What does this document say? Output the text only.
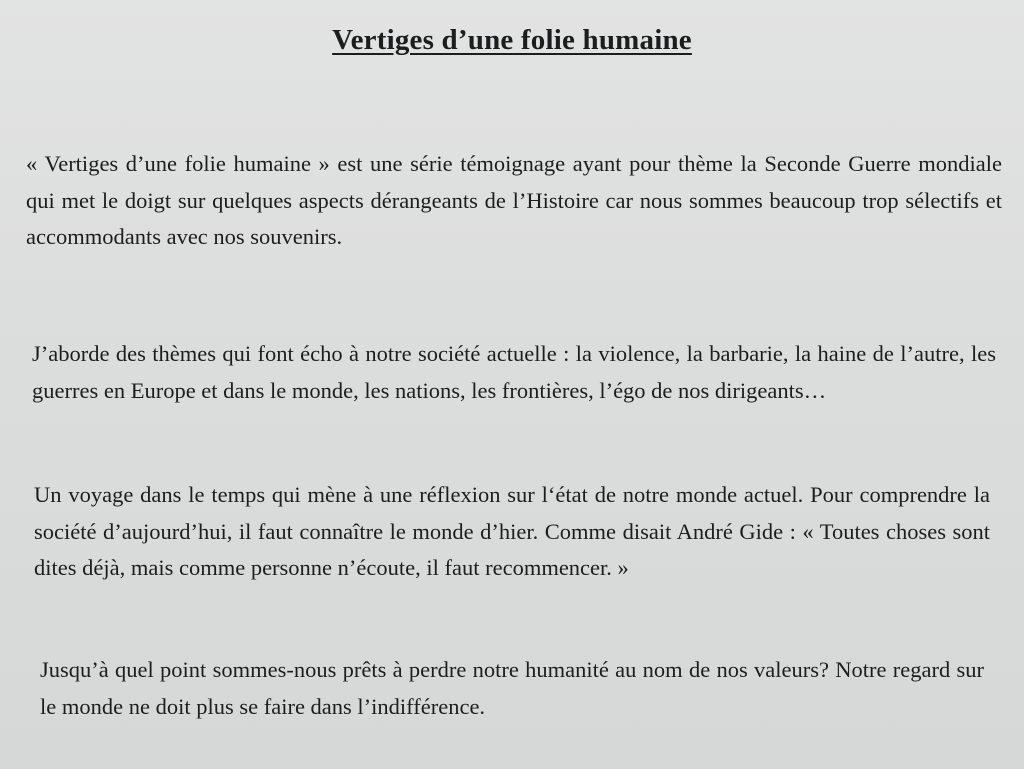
Vertiges d’une folie humaine

« Vertiges d’une folie humaine » est une série témoignage ayant pour thème la Seconde Guerre mondiale qui met le doigt sur quelques aspects dérangeants de l’Histoire car nous sommes beaucoup trop sélectifs et accommodants avec nos souvenirs.

J’aborde des thèmes qui font écho à notre société actuelle : la violence, la barbarie, la haine de l’autre, les guerres en Europe et dans le monde, les nations, les frontières, l’égo de nos dirigeants…

Un voyage dans le temps qui mène à une réflexion sur l‘état de notre monde actuel. Pour comprendre la société d’aujourd’hui, il faut connaître le monde d’hier. Comme disait André Gide : « Toutes choses sont dites déjà, mais comme personne n’écoute, il faut recommencer. »

Jusqu’à quel point sommes-nous prêts à perdre notre humanité au nom de nos valeurs? Notre regard sur le monde ne doit plus se faire dans l’indifférence.
